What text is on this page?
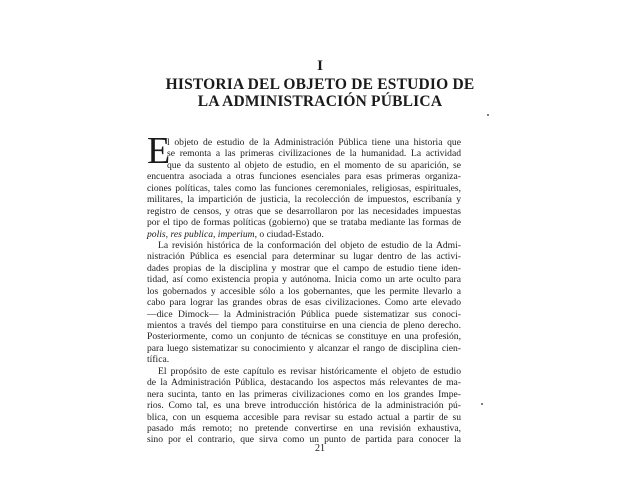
I
HISTORIA DEL OBJETO DE ESTUDIO DE
LA ADMINISTRACIÓN PÚBLICA
E
l objeto de estudio de la Administración Pública tiene una historia que
se remonta a las primeras civilizaciones de la humanidad. La actividad
que da sustento al objeto de estudio, en el momento de su aparición, se
encuentra asociada a otras funciones esenciales para esas primeras organiza-
ciones políticas, tales como las funciones ceremoniales, religiosas, espirituales,
militares, la impartición de justicia, la recolección de impuestos, escribanía y
registro de censos, y otras que se desarrollaron por las necesidades impuestas
por el tipo de formas políticas (gobierno) que se trataba mediante las formas de
polis, res publica, imperium, o ciudad-Estado.
La revisión histórica de la conformación del objeto de estudio de la Admi-
nistración Pública es esencial para determinar su lugar dentro de las activi-
dades propias de la disciplina y mostrar que el campo de estudio tiene iden-
tidad, así como existencia propia y autónoma. Inicia como un arte oculto para
los gobernados y accesible sólo a los gobernantes, que les permite llevarlo a
cabo para lograr las grandes obras de esas civilizaciones. Como arte elevado
—dice Dimock— la Administración Pública puede sistematizar sus conoci-
mientos a través del tiempo para constituirse en una ciencia de pleno derecho.
Posteriormente, como un conjunto de técnicas se constituye en una profesión,
para luego sistematizar su conocimiento y alcanzar el rango de disciplina cien-
tífica.
El propósito de este capítulo es revisar históricamente el objeto de estudio
de la Administración Pública, destacando los aspectos más relevantes de ma-
nera sucinta, tanto en las primeras civilizaciones como en los grandes Impe-
rios. Como tal, es una breve introducción histórica de la administración pú-
blica, con un esquema accesible para revisar su estado actual a partir de su
pasado más remoto; no pretende convertirse en una revisión exhaustiva,
sino por el contrario, que sirva como un punto de partida para conocer la
21
